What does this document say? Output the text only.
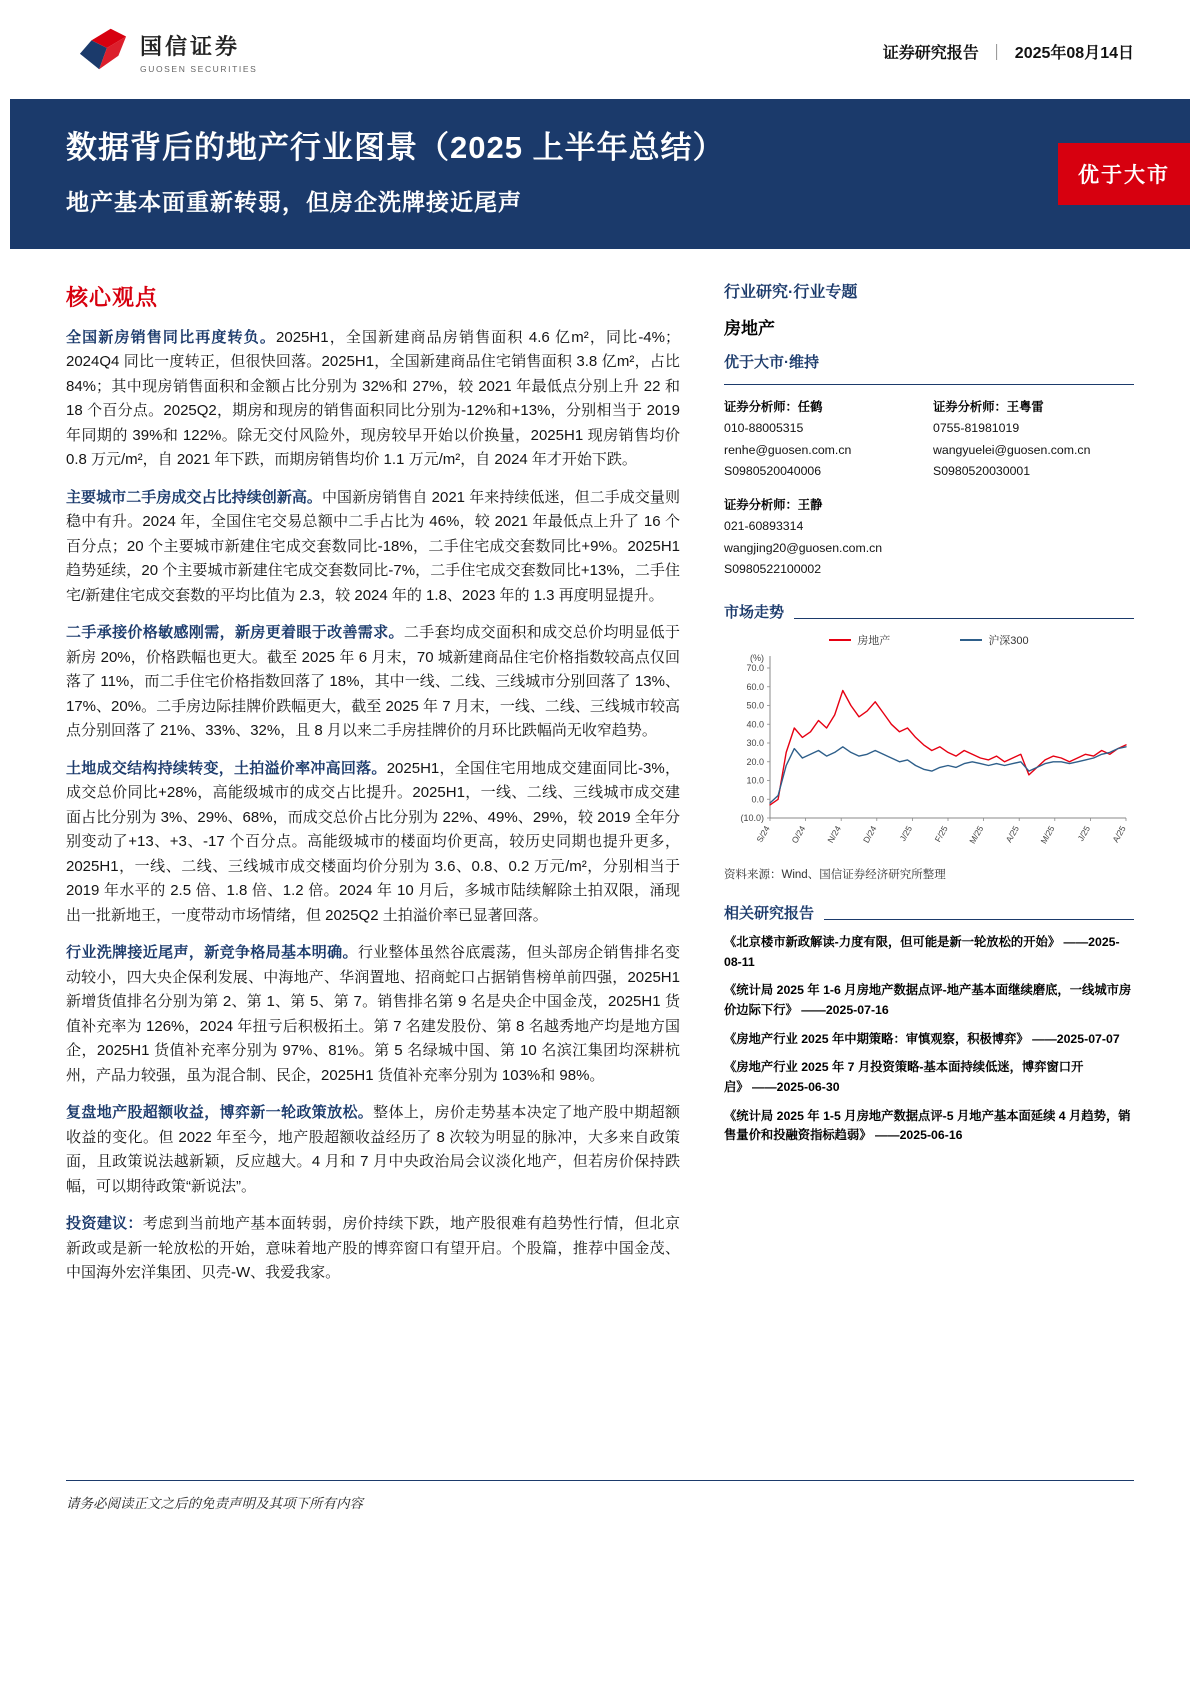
国信证券
GUOSEN SECURITIES
证券研究报告 ｜ 2025年08月14日
数据背后的地产行业图景（2025 上半年总结）
地产基本面重新转弱，但房企洗牌接近尾声
优于大市
核心观点

全国新房销售同比再度转负。2025H1，全国新建商品房销售面积 4.6 亿m²，同比-4%；2024Q4 同比一度转正，但很快回落。2025H1，全国新建商品住宅销售面积 3.8 亿m²，占比 84%；其中现房销售面积和金额占比分别为 32%和 27%，较 2021 年最低点分别上升 22 和 18 个百分点。2025Q2，期房和现房的销售面积同比分别为-12%和+13%，分别相当于 2019 年同期的 39%和 122%。除无交付风险外，现房较早开始以价换量，2025H1 现房销售均价 0.8 万元/m²，自 2021 年下跌，而期房销售均价 1.1 万元/m²，自 2024 年才开始下跌。

主要城市二手房成交占比持续创新高。中国新房销售自 2021 年来持续低迷，但二手成交量则稳中有升。2024 年，全国住宅交易总额中二手占比为 46%，较 2021 年最低点上升了 16 个百分点；20 个主要城市新建住宅成交套数同比-18%，二手住宅成交套数同比+9%。2025H1 趋势延续，20 个主要城市新建住宅成交套数同比-7%，二手住宅成交套数同比+13%，二手住宅/新建住宅成交套数的平均比值为 2.3，较 2024 年的 1.8、2023 年的 1.3 再度明显提升。

二手承接价格敏感刚需，新房更着眼于改善需求。二手套均成交面积和成交总价均明显低于新房 20%，价格跌幅也更大。截至 2025 年 6 月末，70 城新建商品住宅价格指数较高点仅回落了 11%，而二手住宅价格指数回落了 18%，其中一线、二线、三线城市分别回落了 13%、17%、20%。二手房边际挂牌价跌幅更大，截至 2025 年 7 月末，一线、二线、三线城市较高点分别回落了 21%、33%、32%，且 8 月以来二手房挂牌价的月环比跌幅尚无收窄趋势。

土地成交结构持续转变，土拍溢价率冲高回落。2025H1，全国住宅用地成交建面同比-3%，成交总价同比+28%，高能级城市的成交占比提升。2025H1，一线、二线、三线城市成交建面占比分别为 3%、29%、68%，而成交总价占比分别为 22%、49%、29%，较 2019 全年分别变动了+13、+3、-17 个百分点。高能级城市的楼面均价更高，较历史同期也提升更多，2025H1，一线、二线、三线城市成交楼面均价分别为 3.6、0.8、0.2 万元/m²，分别相当于 2019 年水平的 2.5 倍、1.8 倍、1.2 倍。2024 年 10 月后，多城市陆续解除土拍双限，涌现出一批新地王，一度带动市场情绪，但 2025Q2 土拍溢价率已显著回落。

行业洗牌接近尾声，新竞争格局基本明确。行业整体虽然谷底震荡，但头部房企销售排名变动较小，四大央企保利发展、中海地产、华润置地、招商蛇口占据销售榜单前四强，2025H1 新增货值排名分别为第 2、第 1、第 5、第 7。销售排名第 9 名是央企中国金茂，2025H1 货值补充率为 126%，2024 年扭亏后积极拓土。第 7 名建发股份、第 8 名越秀地产均是地方国企，2025H1 货值补充率分别为 97%、81%。第 5 名绿城中国、第 10 名滨江集团均深耕杭州，产品力较强，虽为混合制、民企，2025H1 货值补充率分别为 103%和 98%。

复盘地产股超额收益，博弈新一轮政策放松。整体上，房价走势基本决定了地产股中期超额收益的变化。但 2022 年至今，地产股超额收益经历了 8 次较为明显的脉冲，大多来自政策面，且政策说法越新颖，反应越大。4 月和 7 月中央政治局会议淡化地产，但若房价保持跌幅，可以期待政策“新说法”。

投资建议：考虑到当前地产基本面转弱，房价持续下跌，地产股很难有趋势性行情，但北京新政或是新一轮放松的开始，意味着地产股的博弈窗口有望开启。个股篇，推荐中国金茂、中国海外宏洋集团、贝壳-W、我爱我家。

行业研究·行业专题
房地产
优于大市·维持
证券分析师：任鹤
010-88005315
renhe@guosen.com.cn
S0980520040006
证券分析师：王粤雷
0755-81981019
wangyuelei@guosen.com.cn
S0980520030001
证券分析师：王静
021-60893314
wangjing20@guosen.com.cn
S0980522100002
市场走势
房地产	沪深300
(%)
70.0
60.0
50.0
40.0
30.0
20.0
10.0
0.0
(10.0)
S/24 O/24 N/24 D/24 J/25 F/25 M/25 A/25 M/25 J/25 A/25
资料来源：Wind、国信证券经济研究所整理
相关研究报告
《北京楼市新政解读-力度有限，但可能是新一轮放松的开始》 ——2025-08-11
《统计局 2025 年 1-6 月房地产数据点评-地产基本面继续磨底，一线城市房价边际下行》 ——2025-07-16
《房地产行业 2025 年中期策略：审慎观察，积极博弈》 ——2025-07-07
《房地产行业 2025 年 7 月投资策略-基本面持续低迷，博弈窗口开启》 ——2025-06-30
《统计局 2025 年 1-5 月房地产数据点评-5 月地产基本面延续 4 月趋势，销售量价和投融资指标趋弱》 ——2025-06-16
请务必阅读正文之后的免责声明及其项下所有内容
